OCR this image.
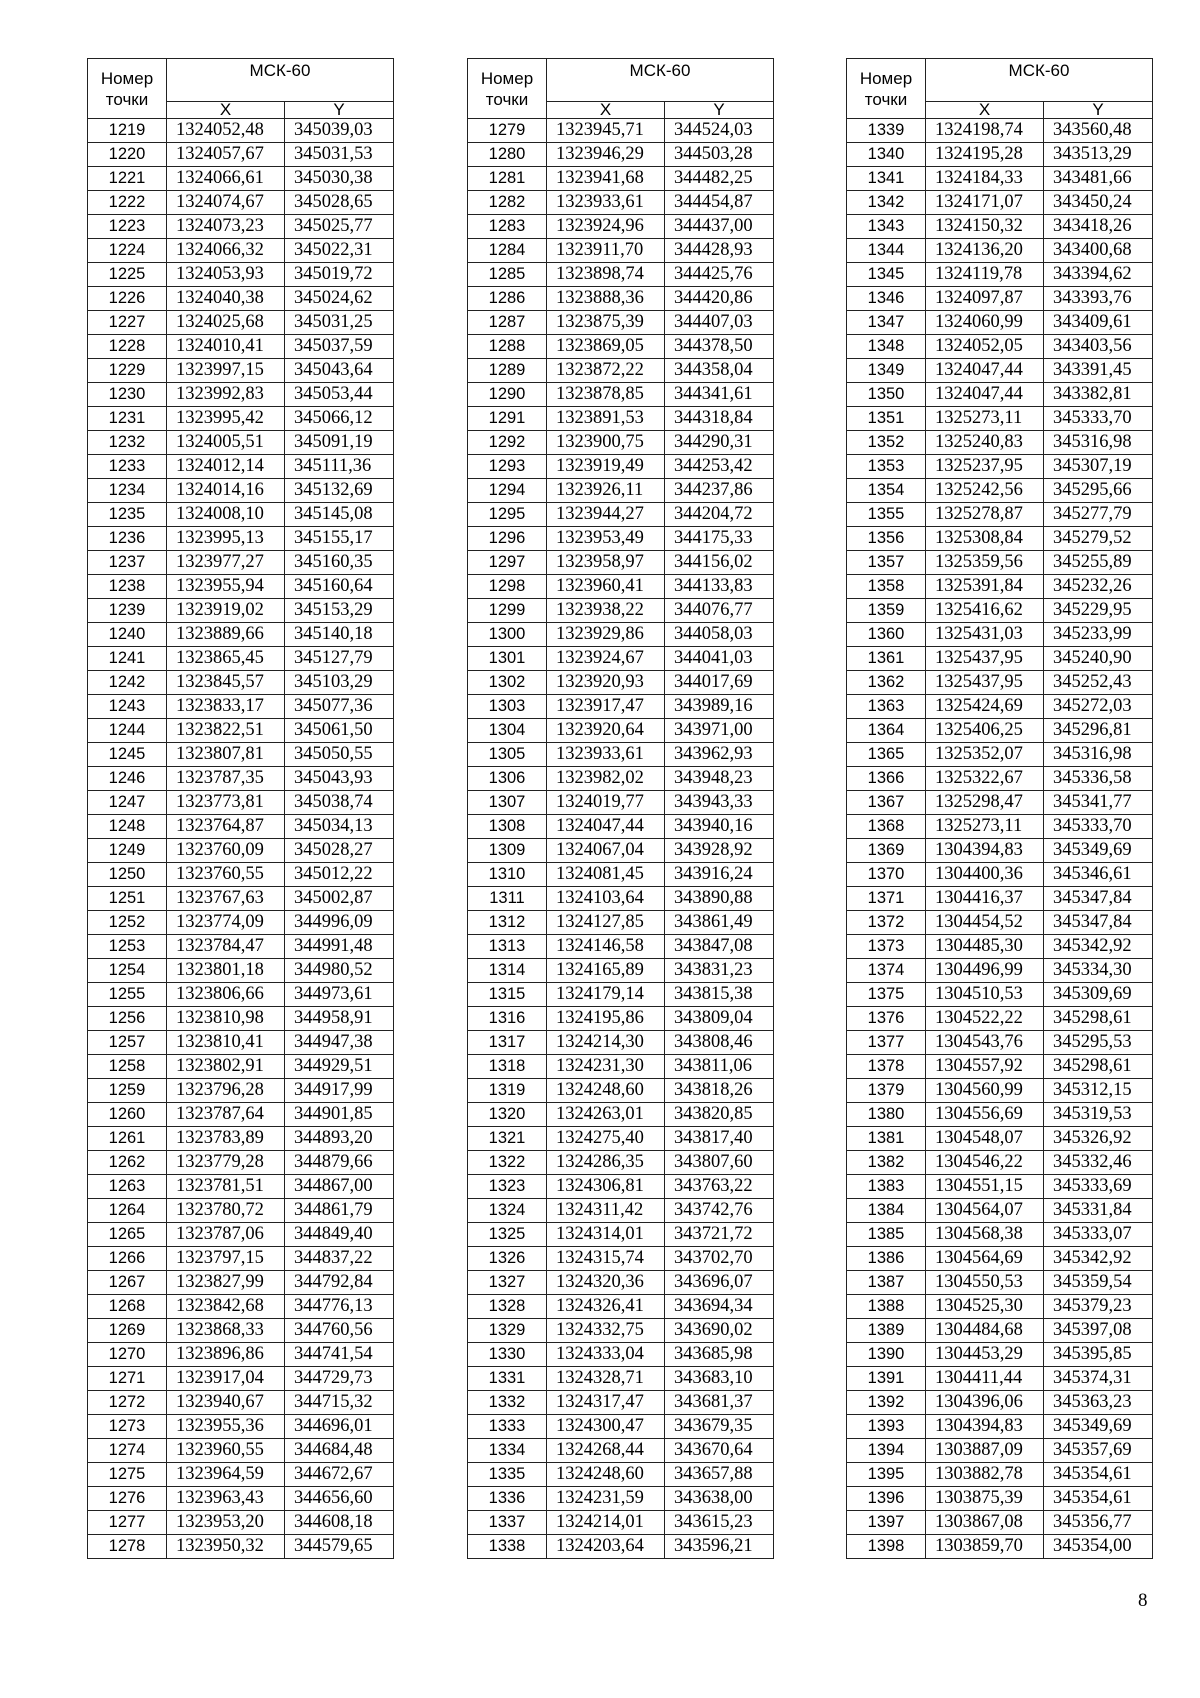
Номер точки	МСК-60	
	X	Y
1219	1324052,48	345039,03
1220	1324057,67	345031,53
1221	1324066,61	345030,38
1222	1324074,67	345028,65
1223	1324073,23	345025,77
1224	1324066,32	345022,31
1225	1324053,93	345019,72
1226	1324040,38	345024,62
1227	1324025,68	345031,25
1228	1324010,41	345037,59
1229	1323997,15	345043,64
1230	1323992,83	345053,44
1231	1323995,42	345066,12
1232	1324005,51	345091,19
1233	1324012,14	345111,36
1234	1324014,16	345132,69
1235	1324008,10	345145,08
1236	1323995,13	345155,17
1237	1323977,27	345160,35
1238	1323955,94	345160,64
1239	1323919,02	345153,29
1240	1323889,66	345140,18
1241	1323865,45	345127,79
1242	1323845,57	345103,29
1243	1323833,17	345077,36
1244	1323822,51	345061,50
1245	1323807,81	345050,55
1246	1323787,35	345043,93
1247	1323773,81	345038,74
1248	1323764,87	345034,13
1249	1323760,09	345028,27
1250	1323760,55	345012,22
1251	1323767,63	345002,87
1252	1323774,09	344996,09
1253	1323784,47	344991,48
1254	1323801,18	344980,52
1255	1323806,66	344973,61
1256	1323810,98	344958,91
1257	1323810,41	344947,38
1258	1323802,91	344929,51
1259	1323796,28	344917,99
1260	1323787,64	344901,85
1261	1323783,89	344893,20
1262	1323779,28	344879,66
1263	1323781,51	344867,00
1264	1323780,72	344861,79
1265	1323787,06	344849,40
1266	1323797,15	344837,22
1267	1323827,99	344792,84
1268	1323842,68	344776,13
1269	1323868,33	344760,56
1270	1323896,86	344741,54
1271	1323917,04	344729,73
1272	1323940,67	344715,32
1273	1323955,36	344696,01
1274	1323960,55	344684,48
1275	1323964,59	344672,67
1276	1323963,43	344656,60
1277	1323953,20	344608,18
1278	1323950,32	344579,65
Номер точки	МСК-60	
	X	Y
1279	1323945,71	344524,03
1280	1323946,29	344503,28
1281	1323941,68	344482,25
1282	1323933,61	344454,87
1283	1323924,96	344437,00
1284	1323911,70	344428,93
1285	1323898,74	344425,76
1286	1323888,36	344420,86
1287	1323875,39	344407,03
1288	1323869,05	344378,50
1289	1323872,22	344358,04
1290	1323878,85	344341,61
1291	1323891,53	344318,84
1292	1323900,75	344290,31
1293	1323919,49	344253,42
1294	1323926,11	344237,86
1295	1323944,27	344204,72
1296	1323953,49	344175,33
1297	1323958,97	344156,02
1298	1323960,41	344133,83
1299	1323938,22	344076,77
1300	1323929,86	344058,03
1301	1323924,67	344041,03
1302	1323920,93	344017,69
1303	1323917,47	343989,16
1304	1323920,64	343971,00
1305	1323933,61	343962,93
1306	1323982,02	343948,23
1307	1324019,77	343943,33
1308	1324047,44	343940,16
1309	1324067,04	343928,92
1310	1324081,45	343916,24
1311	1324103,64	343890,88
1312	1324127,85	343861,49
1313	1324146,58	343847,08
1314	1324165,89	343831,23
1315	1324179,14	343815,38
1316	1324195,86	343809,04
1317	1324214,30	343808,46
1318	1324231,30	343811,06
1319	1324248,60	343818,26
1320	1324263,01	343820,85
1321	1324275,40	343817,40
1322	1324286,35	343807,60
1323	1324306,81	343763,22
1324	1324311,42	343742,76
1325	1324314,01	343721,72
1326	1324315,74	343702,70
1327	1324320,36	343696,07
1328	1324326,41	343694,34
1329	1324332,75	343690,02
1330	1324333,04	343685,98
1331	1324328,71	343683,10
1332	1324317,47	343681,37
1333	1324300,47	343679,35
1334	1324268,44	343670,64
1335	1324248,60	343657,88
1336	1324231,59	343638,00
1337	1324214,01	343615,23
1338	1324203,64	343596,21
Номер точки	МСК-60	
	X	Y
1339	1324198,74	343560,48
1340	1324195,28	343513,29
1341	1324184,33	343481,66
1342	1324171,07	343450,24
1343	1324150,32	343418,26
1344	1324136,20	343400,68
1345	1324119,78	343394,62
1346	1324097,87	343393,76
1347	1324060,99	343409,61
1348	1324052,05	343403,56
1349	1324047,44	343391,45
1350	1324047,44	343382,81
1351	1325273,11	345333,70
1352	1325240,83	345316,98
1353	1325237,95	345307,19
1354	1325242,56	345295,66
1355	1325278,87	345277,79
1356	1325308,84	345279,52
1357	1325359,56	345255,89
1358	1325391,84	345232,26
1359	1325416,62	345229,95
1360	1325431,03	345233,99
1361	1325437,95	345240,90
1362	1325437,95	345252,43
1363	1325424,69	345272,03
1364	1325406,25	345296,81
1365	1325352,07	345316,98
1366	1325322,67	345336,58
1367	1325298,47	345341,77
1368	1325273,11	345333,70
1369	1304394,83	345349,69
1370	1304400,36	345346,61
1371	1304416,37	345347,84
1372	1304454,52	345347,84
1373	1304485,30	345342,92
1374	1304496,99	345334,30
1375	1304510,53	345309,69
1376	1304522,22	345298,61
1377	1304543,76	345295,53
1378	1304557,92	345298,61
1379	1304560,99	345312,15
1380	1304556,69	345319,53
1381	1304548,07	345326,92
1382	1304546,22	345332,46
1383	1304551,15	345333,69
1384	1304564,07	345331,84
1385	1304568,38	345333,07
1386	1304564,69	345342,92
1387	1304550,53	345359,54
1388	1304525,30	345379,23
1389	1304484,68	345397,08
1390	1304453,29	345395,85
1391	1304411,44	345374,31
1392	1304396,06	345363,23
1393	1304394,83	345349,69
1394	1303887,09	345357,69
1395	1303882,78	345354,61
1396	1303875,39	345354,61
1397	1303867,08	345356,77
1398	1303859,70	345354,00
8
